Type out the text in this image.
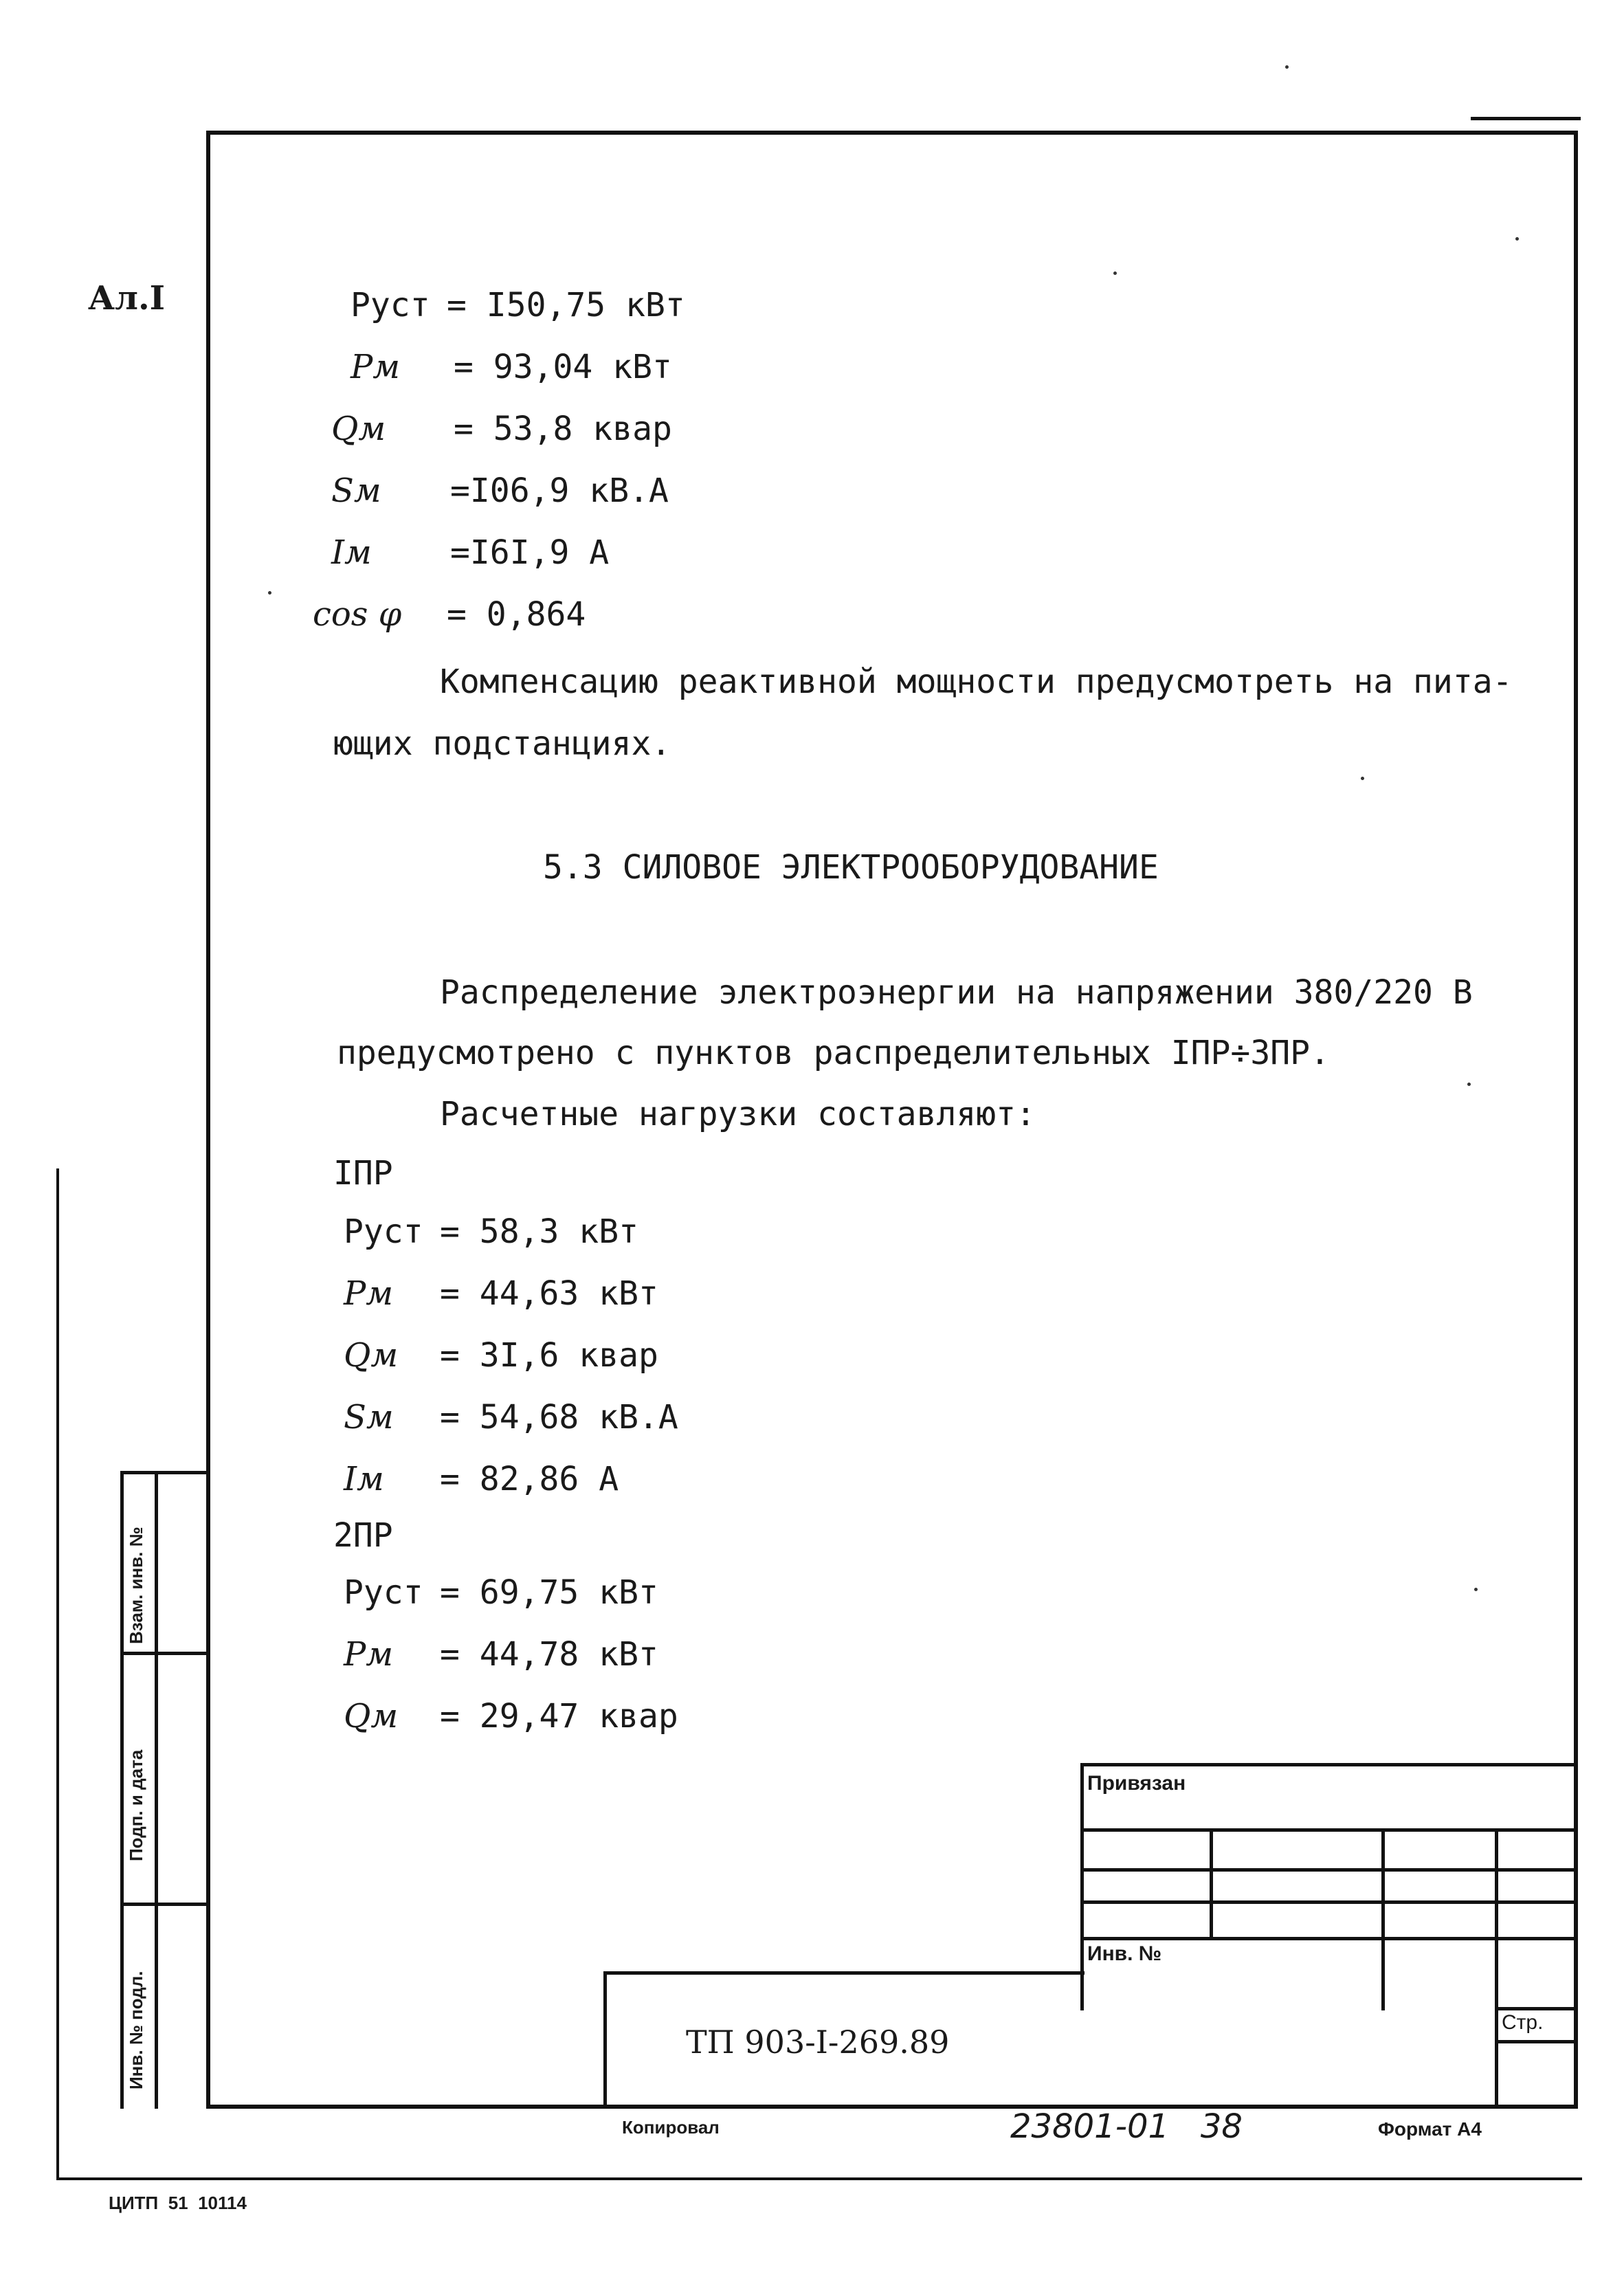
Ал.I	Руст = I50,75 кВт
Pм = 93,04 кВт
Qм = 53,8 квар
Sм =I06,9 кВ.А
Iм =I6I,9 А
cos φ = 0,864
Компенсацию реактивной мощности предусмотреть на пита-
ющих подстанциях.
5.3 СИЛОВОЕ ЭЛЕКТРООБОРУДОВАНИЕ
Распределение электроэнергии на напряжении 380/220 В
предусмотрено с пунктов распределительных IПР÷3ПР.
Расчетные нагрузки составляют:
IПР
Руст = 58,3 кВт
Pм = 44,63 кВт
Qм = 3I,6 квар
Sм = 54,68 кВ.А
Iм = 82,86 А
2ПР
Руст = 69,75 кВт
Pм = 44,78 кВт
Qм = 29,47 квар
Взам. инв. №
Подп. и дата
Инв. № подл.
Привязан
Инв. №
Стр.
ТП 903-I-269.89
Копировал	23801-01   38	Формат А4
ЦИТП  51  10114
